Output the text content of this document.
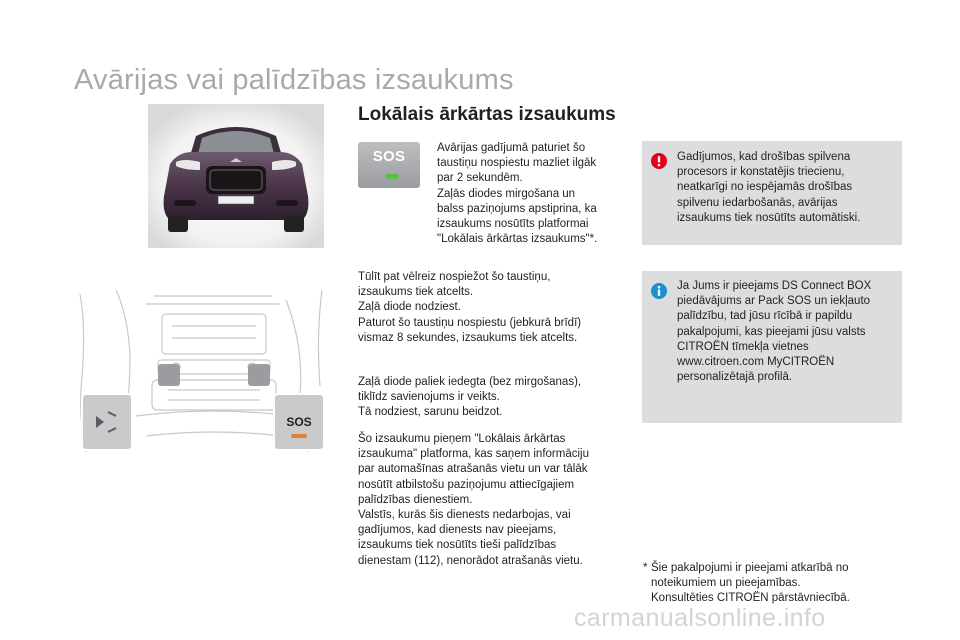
Avārijas vai palīdzības izsaukums
Lokālais ārkārtas izsaukums
SOS
SOS	Avārijas gadījumā paturiet šo

taustiņu nospiestu mazliet ilgāk

par 2 sekundēm.

Zaļās diodes mirgošana un

balss paziņojums apstiprina, ka

izsaukums nosūtīts platformai

"Lokālais ārkārtas izsaukums"*.

Tūlīt pat vēlreiz nospiežot šo taustiņu,

izsaukums tiek atcelts.

Zaļā diode nodziest.

Paturot šo taustiņu nospiestu (jebkurā brīdī)

vismaz 8 sekundes, izsaukums tiek atcelts.

Zaļā diode paliek iedegta (bez mirgošanas),

tiklīdz savienojums ir veikts.

Tā nodziest, sarunu beidzot.

Šo izsaukumu pieņem "Lokālais ārkārtas

izsaukuma" platforma, kas saņem informāciju

par automašīnas atrašanās vietu un var tālāk

nosūtīt atbilstošu paziņojumu attiecīgajiem

palīdzības dienestiem.

Valstīs, kurās šis dienests nedarbojas, vai

gadījumos, kad dienests nav pieejams,

izsaukums tiek nosūtīts tieši palīdzības

dienestam (112), nenorādot atrašanās vietu.

Gadījumos, kad drošības spilvena

procesors ir konstatējis triecienu,

neatkarīgi no iespējamās drošības

spilvenu iedarbošanās, avārijas

izsaukums tiek nosūtīts automātiski.

Ja Jums ir pieejams DS Connect BOX

piedāvājums ar Pack SOS un iekļauto

palīdzību, tad jūsu rīcībā ir papildu

pakalpojumi, kas pieejami jūsu valsts

CITROËN tīmekļa vietnes

www.citroen.com MyCITROËN

personalizētajā profilā.

* Šie pakalpojumi ir pieejami atkarībā no

noteikumiem un pieejamības.

Konsultēties CITROËN pārstāvniecībā.

carmanualsonline.info
